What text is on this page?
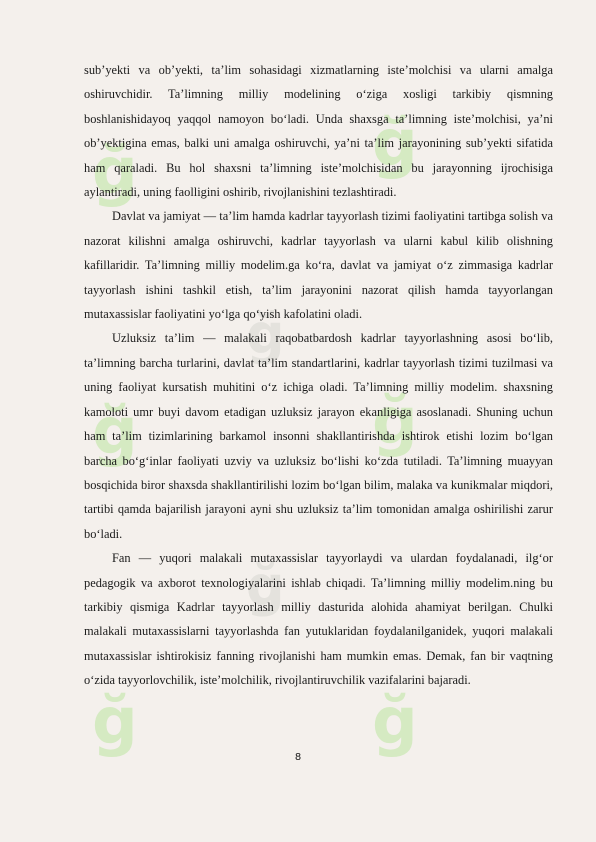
ğ	ğ
ğ
ğ	ğ
ğ
ğ	ğ

sub’yekti va ob’yekti, ta’lim sohasidagi xizmatlarning iste’molchisi va ularni amalga oshiruvchidir. Ta’limning milliy modelining o‘ziga xosligi tarkibiy qismning boshlanishidayoq yaqqol namoyon bo‘ladi. Unda shaxsga ta’limning iste’molchisi, ya’ni ob’yektigina emas, balki uni amalga oshiruvchi, ya’ni ta’lim jarayonining sub’yekti sifatida ham qaraladi. Bu hol shaxsni ta’limning iste’molchisidan bu jarayonning ijrochisiga aylantiradi, uning faolligini oshirib, rivojlanishini tezlashtiradi.

Davlat va jamiyat — ta’lim hamda kadrlar tayyorlash tizimi faoliyatini tartibga solish va nazorat kilishni amalga oshiruvchi, kadrlar tayyorlash va ularni kabul kilib olishning kafillaridir. Ta’limning milliy modelim.ga ko‘ra, davlat va jamiyat o‘z zimmasiga kadrlar tayyorlash ishini tashkil etish, ta’lim jarayonini nazorat qilish hamda tayyorlangan mutaxassislar faoliyatini yo‘lga qo‘yish kafolatini oladi.

Uzluksiz ta’lim — malakali raqobatbardosh kadrlar tayyorlashning asosi bo‘lib, ta’limning barcha turlarini, davlat ta’lim standartlarini, kadrlar tayyorlash tizimi tuzilmasi va uning faoliyat kursatish muhitini o‘z ichiga oladi. Ta’limning milliy modelim. shaxsning kamoloti umr buyi davom etadigan uzluksiz jarayon ekanligiga asoslanadi. Shuning uchun ham ta’lim tizimlarining barkamol insonni shakllantirishda ishtirok etishi lozim bo‘lgan barcha bo‘g‘inlar faoliyati uzviy va uzluksiz bo‘lishi ko‘zda tutiladi. Ta’limning muayyan bosqichida biror shaxsda shakllantirilishi lozim bo‘lgan bilim, malaka va kunikmalar miqdori, tartibi qamda bajarilish jarayoni ayni shu uzluksiz ta’lim tomonidan amalga oshirilishi zarur bo‘ladi.

Fan — yuqori malakali mutaxassislar tayyorlaydi va ulardan foydalanadi, ilg‘or pedagogik va axborot texnologiyalarini ishlab chiqadi. Ta’limning milliy modelim.ning bu tarkibiy qismiga Kadrlar tayyorlash milliy dasturida alohida ahamiyat berilgan. Chulki malakali mutaxassislarni tayyorlashda fan yutuklaridan foydalanilganidek, yuqori malakali mutaxassislar ishtirokisiz fanning rivojlanishi ham mumkin emas. Demak, fan bir vaqtning o‘zida tayyorlovchilik, iste’molchilik, rivojlantiruvchilik vazifalarini bajaradi.

8
